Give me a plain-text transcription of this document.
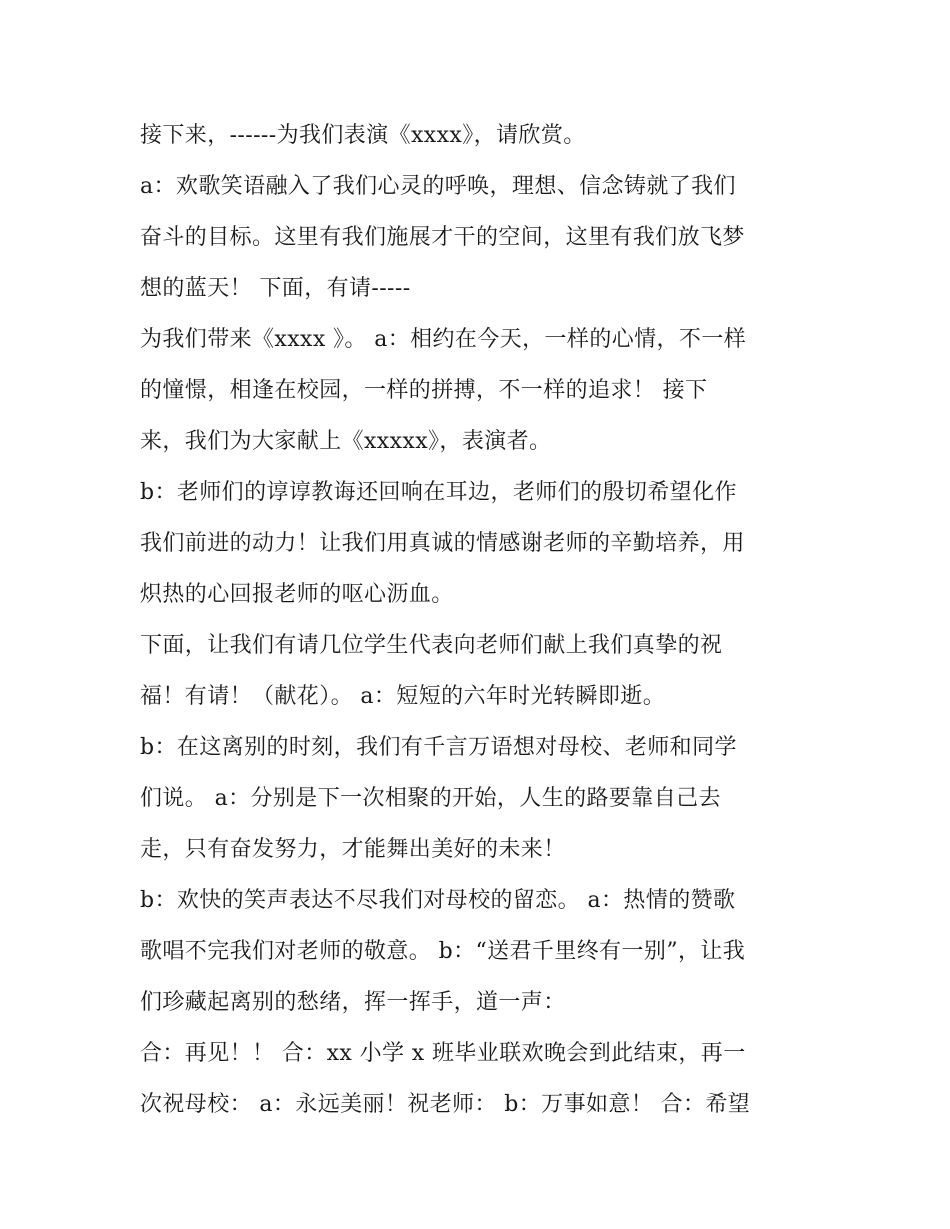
接下来，------为我们表演《xxxx》，请欣赏。
a：欢歌笑语融入了我们心灵的呼唤，理想、信念铸就了我们
奋斗的目标。这里有我们施展才干的空间，这里有我们放飞梦
想的蓝天！ 下面，有请-----
为我们带来《xxxx 》。 a：相约在今天，一样的心情，不一样
的憧憬，相逢在校园，一样的拼搏，不一样的追求！ 接下
来，我们为大家献上《xxxxx》，表演者。
b：老师们的谆谆教诲还回响在耳边，老师们的殷切希望化作
我们前进的动力！让我们用真诚的情感谢老师的辛勤培养，用
炽热的心回报老师的呕心沥血。
下面，让我们有请几位学生代表向老师们献上我们真挚的祝
福！有请！（献花）。 a：短短的六年时光转瞬即逝。
b：在这离别的时刻，我们有千言万语想对母校、老师和同学
们说。 a：分别是下一次相聚的开始，人生的路要靠自己去
走，只有奋发努力，才能舞出美好的未来！
b：欢快的笑声表达不尽我们对母校的留恋。 a：热情的赞歌
歌唱不完我们对老师的敬意。 b：“送君千里终有一别”，让我
们珍藏起离别的愁绪，挥一挥手，道一声：
合：再见！！ 合：xx 小学 x 班毕业联欢晚会到此结束，再一
次祝母校： a：永远美丽！祝老师： b：万事如意！ 合：希望
